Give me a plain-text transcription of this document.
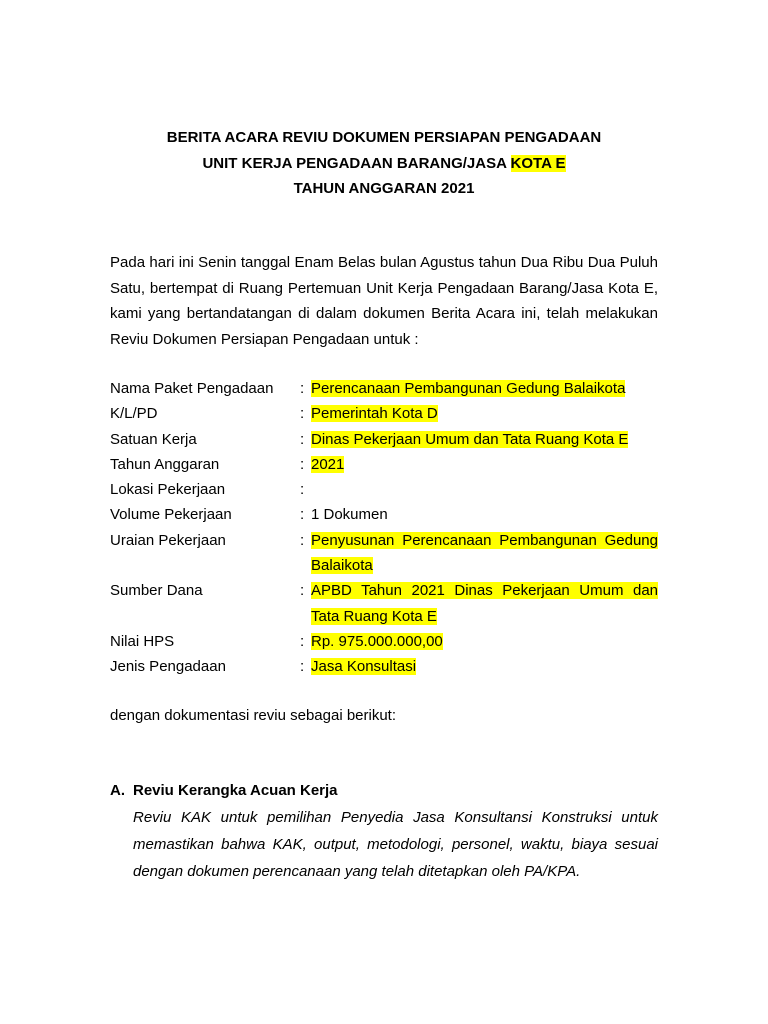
BERITA ACARA REVIU DOKUMEN PERSIAPAN PENGADAAN
UNIT KERJA PENGADAAN BARANG/JASA KOTA E
TAHUN ANGGARAN 2021

Pada hari ini Senin tanggal Enam Belas bulan Agustus tahun Dua Ribu Dua Puluh Satu, bertempat di Ruang Pertemuan Unit Kerja Pengadaan Barang/Jasa Kota E, kami yang bertandatangan di dalam dokumen Berita Acara ini, telah melakukan Reviu Dokumen Persiapan Pengadaan untuk :

Nama Paket Pengadaan	: Perencanaan Pembangunan Gedung Balaikota
K/L/PD	: Pemerintah Kota D
Satuan Kerja	: Dinas Pekerjaan Umum dan Tata Ruang Kota E
Tahun Anggaran	: 2021
Lokasi Pekerjaan	:
Volume Pekerjaan	: 1 Dokumen
Uraian Pekerjaan	: Penyusunan Perencanaan Pembangunan Gedung Balaikota
Sumber Dana	: APBD Tahun 2021 Dinas Pekerjaan Umum dan Tata Ruang Kota E
Nilai HPS	: Rp. 975.000.000,00
Jenis Pengadaan	: Jasa Konsultasi
dengan dokumentasi reviu sebagai berikut:
A. Reviu Kerangka Acuan Kerja
Reviu KAK untuk pemilihan Penyedia Jasa Konsultansi Konstruksi untuk memastikan bahwa KAK, output, metodologi, personel, waktu, biaya sesuai dengan dokumen perencanaan yang telah ditetapkan oleh PA/KPA.
